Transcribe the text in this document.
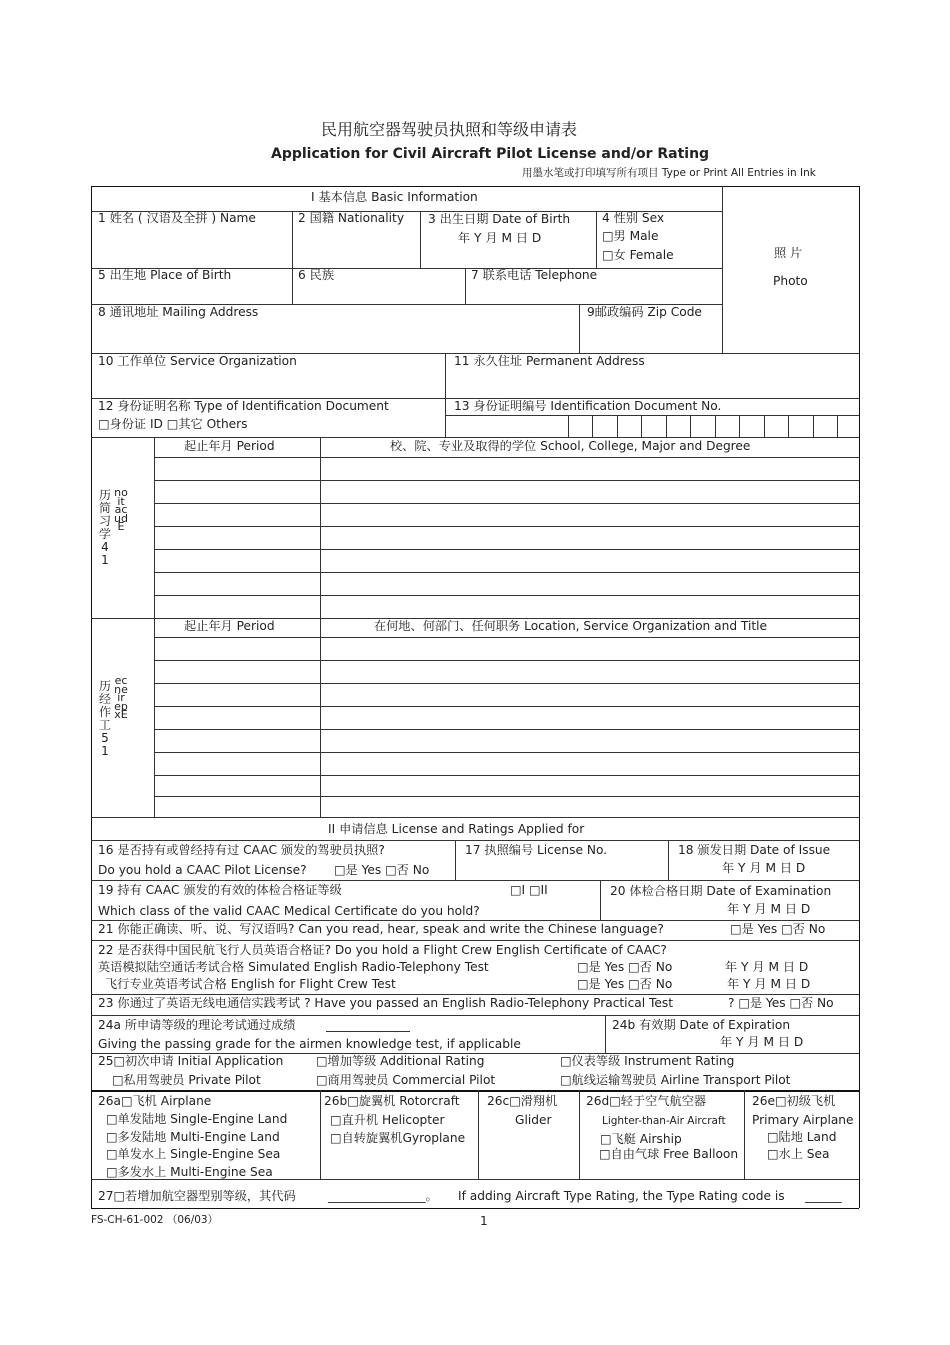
民用航空器驾驶员执照和等级申请表
Application for Civil Aircraft Pilot License and/or Rating
用墨水笔或打印填写所有项目 Type or Print All Entries in Ink
I 基本信息 Basic Information
1 姓名 ( 汉语及全拼 ) Name	2 国籍 Nationality 3 出生日期 Date of Birth
年 Y 月 M 日 D
4 性别 Sex
□男 Male
□女 Female	照 片
Photo
5 出生地 Place of Birth	6 民族	7 联系电话 Telephone
8 通讯地址 Mailing Address	9邮政编码 Zip Code
10 工作单位 Service Organization	11 永久住址 Permanent Address
12 身份证明名称 Type of Identification Document
□身份证 ID □其它 Others
13 身份证明编号 Identification Document No.
历简习学41
noitacudE
起止年月 Period	校、院、专业及取得的学位 School, College, Major and Degree
历经作工51
ecneirepxE
起止年月 Period	在何地、何部门、任何职务 Location, Service Organization and Title
II 申请信息 License and Ratings Applied for
16 是否持有或曾经持有过 CAAC 颁发的驾驶员执照?
Do you hold a CAAC Pilot License? □是 Yes □否 No
17 执照编号 License No.	18 颁发日期 Date of Issue
年 Y 月 M 日 D
19 持有 CAAC 颁发的有效的体检合格证等级	□I □II
Which class of the valid CAAC Medical Certificate do you hold?
20 体检合格日期 Date of Examination
年 Y 月 M 日 D
21 你能正确读、听、说、写汉语吗? Can you read, hear, speak and write the Chinese language?	□是 Yes □否 No
22 是否获得中国民航飞行人员英语合格证? Do you hold a Flight Crew English Certificate of CAAC?
英语模拟陆空通话考试合格 Simulated English Radio-Telephony Test	□是 Yes □否 No	年 Y 月 M 日 D
飞行专业英语考试合格 English for Flight Crew Test	□是 Yes □否 No	年 Y 月 M 日 D
23 你通过了英语无线电通信实践考试 ? Have you passed an English Radio-Telephony Practical Test	? □是 Yes □否 No
24a 所申请等级的理论考试通过成绩
Giving the passing grade for the airmen knowledge test, if applicable
24b 有效期 Date of Expiration
年 Y 月 M 日 D
25□初次申请 Initial Application	□增加等级 Additional Rating	□仪表等级 Instrument Rating
□私用驾驶员 Private Pilot	□商用驾驶员 Commercial Pilot	□航线运输驾驶员 Airline Transport Pilot
26a□飞机 Airplane
□单发陆地 Single-Engine Land
□多发陆地 Multi-Engine Land
□单发水上 Single-Engine Sea
□多发水上 Multi-Engine Sea
26b□旋翼机 Rotorcraft
□直升机 Helicopter
□自转旋翼机Gyroplane
26c□滑翔机
Glider
26d□轻于空气航空器
Lighter-than-Air Aircraft
□飞艇 Airship
□自由气球 Free Balloon
26e□初级飞机
Primary Airplane
□陆地 Land
□水上 Sea
27□若增加航空器型别等级，其代码	________________。 If adding Aircraft Type Rating, the Type Rating code is ______
FS-CH-61-002 （06/03）	1
